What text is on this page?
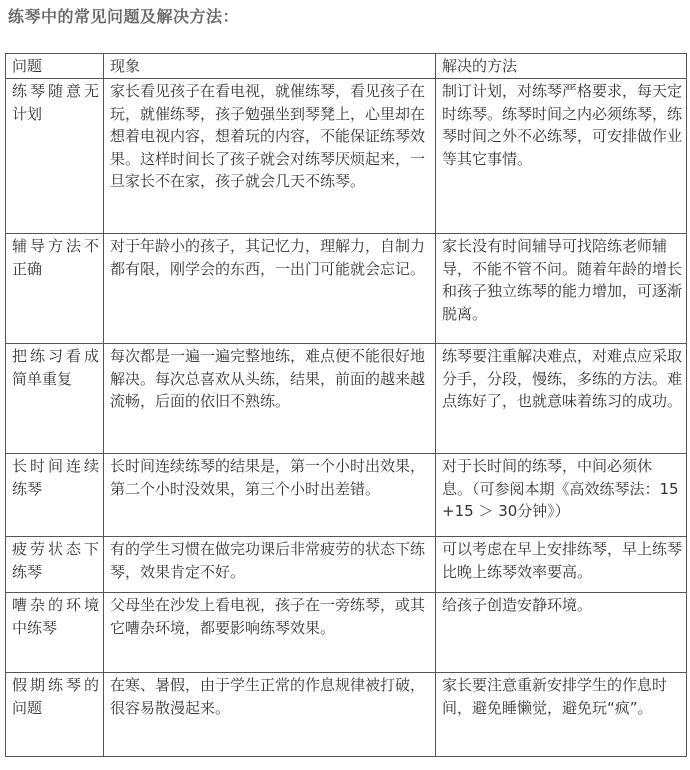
练琴中的常见问题及解决方法：
问题	现象	解决的方法
练琴随意无计划	家长看见孩子在看电视，就催练琴，看见孩子在玩，就催练琴，孩子勉强坐到琴凳上，心里却在想着电视内容，想着玩的内容，不能保证练琴效果。这样时间长了孩子就会对练琴厌烦起来，一旦家长不在家，孩子就会几天不练琴。	制订计划，对练琴严格要求，每天定时练琴。练琴时间之内必须练琴，练琴时间之外不必练琴，可安排做作业等其它事情。
辅导方法不正确	对于年龄小的孩子，其记忆力，理解力，自制力都有限，刚学会的东西，一出门可能就会忘记。	家长没有时间辅导可找陪练老师辅导，不能不管不问。随着年龄的增长和孩子独立练琴的能力增加，可逐渐脱离。
把练习看成简单重复	每次都是一遍一遍完整地练，难点便不能很好地解决。每次总喜欢从头练，结果，前面的越来越流畅，后面的依旧不熟练。	练琴要注重解决难点，对难点应采取分手，分段，慢练，多练的方法。难点练好了，也就意味着练习的成功。
长时间连续练琴	长时间连续练琴的结果是，第一个小时出效果，第二个小时没效果，第三个小时出差错。	对于长时间的练琴，中间必须休息。（可参阅本期《高效练琴法：15+15 ＞ 30分钟》）
疲劳状态下练琴	有的学生习惯在做完功课后非常疲劳的状态下练琴，效果肯定不好。	可以考虑在早上安排练琴，早上练琴比晚上练琴效率要高。
嘈杂的环境中练琴	父母坐在沙发上看电视，孩子在一旁练琴，或其它嘈杂环境，都要影响练琴效果。	给孩子创造安静环境。
假期练琴的问题	在寒、暑假，由于学生正常的作息规律被打破，很容易散漫起来。	家长要注意重新安排学生的作息时间，避免睡懒觉，避免玩“疯”。
